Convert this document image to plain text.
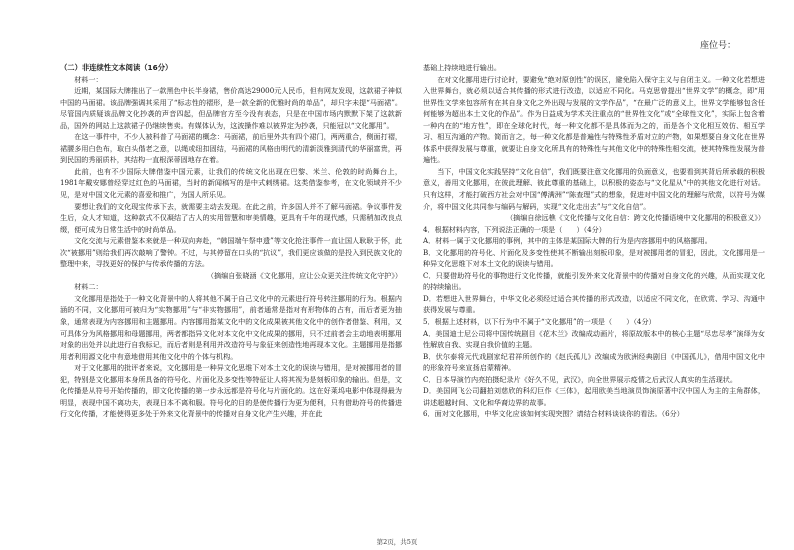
座位号：

（二）非连续性文本阅读（16分）

材料一：

近期，某国际大牌推出了一款黑色中长半身裙，售价高达29000元人民币，但有网友发现，这款裙子神似中国的马面裙。该品牌强调其采用了“标志性的褶形，是一款全新的优雅时尚的单品”，却只字未提“马面裙”。尽管国内质疑该品牌文化抄袭的声音四起，但品牌官方至今没有表态，只是在中国市场内默默下架了这款新品，国外的网站上这款裙子仍继续售卖。有媒体认为，这波操作难以被界定为抄袭，只能冠以“文化挪用”。

在这一事件中，不少人被科普了马面裙的概念：马面裙，前后里外共有四个裙门，两两重合，侧面打褶，裙腰多用白色布，取白头偕老之意，以绳或纽扣固结，马面裙的风格由明代的清新淡雅到清代的华丽富贵，再到民国的秀丽质朴，其结构一直根深蒂固地存在着。

此前，也有不少国际大牌借鉴中国元素，让我们的传统文化出现在巴黎、米兰、伦敦的时尚舞台上，1981年戴安娜曾经穿过红色的马面裙，当时的新闻稿写的是中式刺绣裙。这类借鉴参考，在文化领域并不少见，是对中国文化元素的喜爱和推广，为国人所乐见。

要想让我们的文化现宝传承下去，就需要主动去发现。在此之前，许多国人并不了解马面裙。争议事件发生后，众人才知道，这种款式不仅凝结了古人的实用智慧和审美情趣，更具有千年的现代感，只需稍加改良点缀，便可成为日常生活中的时尚单品。

文化交流与元素借鉴本来就是一种双向奔赴，“韩国端午祭申遗”等文化抢注事件一直让国人耿耿于怀，此次“被挪用”则给我们再次敲响了警钟。不过，与其停留在口头的“抗议”，我们更应该做的是投入到民族文化的整理中来，寻找更好的保护与传承传播的方法。

（摘编自张晓涵《文化挪用，应让公众更关注传统文化守护》）

材料二：

文化挪用是指处于一种文化背景中的人将其他不属于自己文化中的元素进行符号转注挪用的行为。根据内涵的不同，文化挪用可被归为“实物挪用”与“非实物挪用”，前者通常是指对有形物体的占有，而后者更为抽象，通常表现为内容挪用和主题挪用。内容挪用指某文化中的文化成果被其他文化中的创作者借鉴、利用，又可具体分为风格挪用和母题挪用，两者都指异文化对本文化中文化成果的挪用，只不过前者会主动地表明挪用对象的出处并以此进行自我标记，而后者则是利用并改造符号与象征来创造性地再现本文化。主题挪用是指挪用者利用源文化中有意地借用其他文化中的个体与机构。

对于文化挪用的批评者来说，文化挪用是一种异文化思维下对本土文化的误读与错用，是对被挪用者的冒犯，特别是文化挪用本身所具备的符号化、片面化及多变性等特征让人将其视为是刻板印象的输出。但是，文化传播是从符号开始传播的，即文化传播的第一步永远都是符号化与片面化的。这在好莱坞电影中体现得最为明显，表现中国不离功夫，表现日本不离和服。符号化的目的是使传播行为更为便利，只有借助符号的传播进行文化传播，才能使得更多处于外来文化背景中的传播对自身文化产生兴趣，并在此

基础上持续地进行输出。

在对文化挪用进行讨论时，要避免“绝对原创性”的误区，避免陷入保守主义与自闭主义。一种文化若想进入世界舞台，就必须以适合其传播的形式进行改造，以适应不同化。马克思曾提出“世界文学”的概念，即“用世界性文学来包容所有在其自身文化之外出现与发展的文学作品”，“在最广泛的意义上，世界文学能够包含任何能够为超出本土文化的作品”。作为日益成为学术关注重点的“世界性文化”或“全球性文化”，实际上包含着一种内在的“地方性”，即在全球化时代，每一种文化都不是具体而为之的，而是各个文化相互效仿、相互学习、相互沟通的产物。简而言之，每一种文化都是普遍性与特殊性矛盾对立的产物，如果想要自身文化在世界体系中获得发展与尊重，就要让自身文化所具有的特殊性与其他文化中的特殊性相交流，使其特殊性发展为普遍性。

当下，中国文化实践坚持“文化自信”，我们既要注意文化挪用的负面意义，也要看到其背后所承载的积极意义，善用文化挪用，在彼此理解、彼此尊重的基础上，以积极的姿态与“文化星从”中的其他文化进行对话。只有这样，才能打破西方社会对中国“傅满洲”“陈查理”式的想象，促进对中国文化的理解与欣赏，以符号为媒介，将中国文化共同参与编码与解码，实现“文化走出去”与“文化自信”。

（摘编自徐远樵《文化传播与文化自信：跨文化传播语境中文化挪用的积极意义》）

4．根据材料内容，下列说法正确的一项是（　　）（4分）

A．材料一属于文化挪用的事例，其中的主体是某国际大牌的行为是内容挪用中的风格挪用。

B．文化挪用的符号化、片面化及多变性使其不断输出刻板印象，是对被挪用者的冒犯，因此，文化挪用是一种异文化思维下对本土文化的误读与错用。

C．只要借助符号化的事物进行文化传播，就能引发外来文化背景中的传播对自身文化的兴趣，从而实现文化的持续输出。

D．若想进入世界舞台，中华文化必须经过适合其传播的形式改造，以适应不同文化，在欣赏、学习、沟通中获得发展与尊重。

5．根据上述材料，以下行为中不属于“文化挪用”的一项是（　　）（4分）

A．美国迪士尼公司将中国传统剧目《花木兰》改编成动画片，将原故版本中的核心主题“尽忠尽孝”演绎为女性解放自我、实现自我价值的主题。

B．伏尔泰将元代戏剧家纪君祥所创作的《赵氏孤儿》改编成为欧洲经典剧目《中国孤儿》，借用中国文化中的形象符号来宣扬启蒙精神。

C．日本导演竹内亮拍摄纪录片《好久不见，武汉》，向全世界展示疫情之后武汉人真实的生活现状。

D．美国网飞公司翻拍刘慈欣的科幻巨作《三体》，起用欧美当地演员饰演原著中汉中国人为主的主角群体，讲述超越时间、文化和华裔边界的故事。

6．面对文化挪用，中华文化应该如何实现突围？请结合材料谈谈你的看法。（6分）

第2页，共5页
